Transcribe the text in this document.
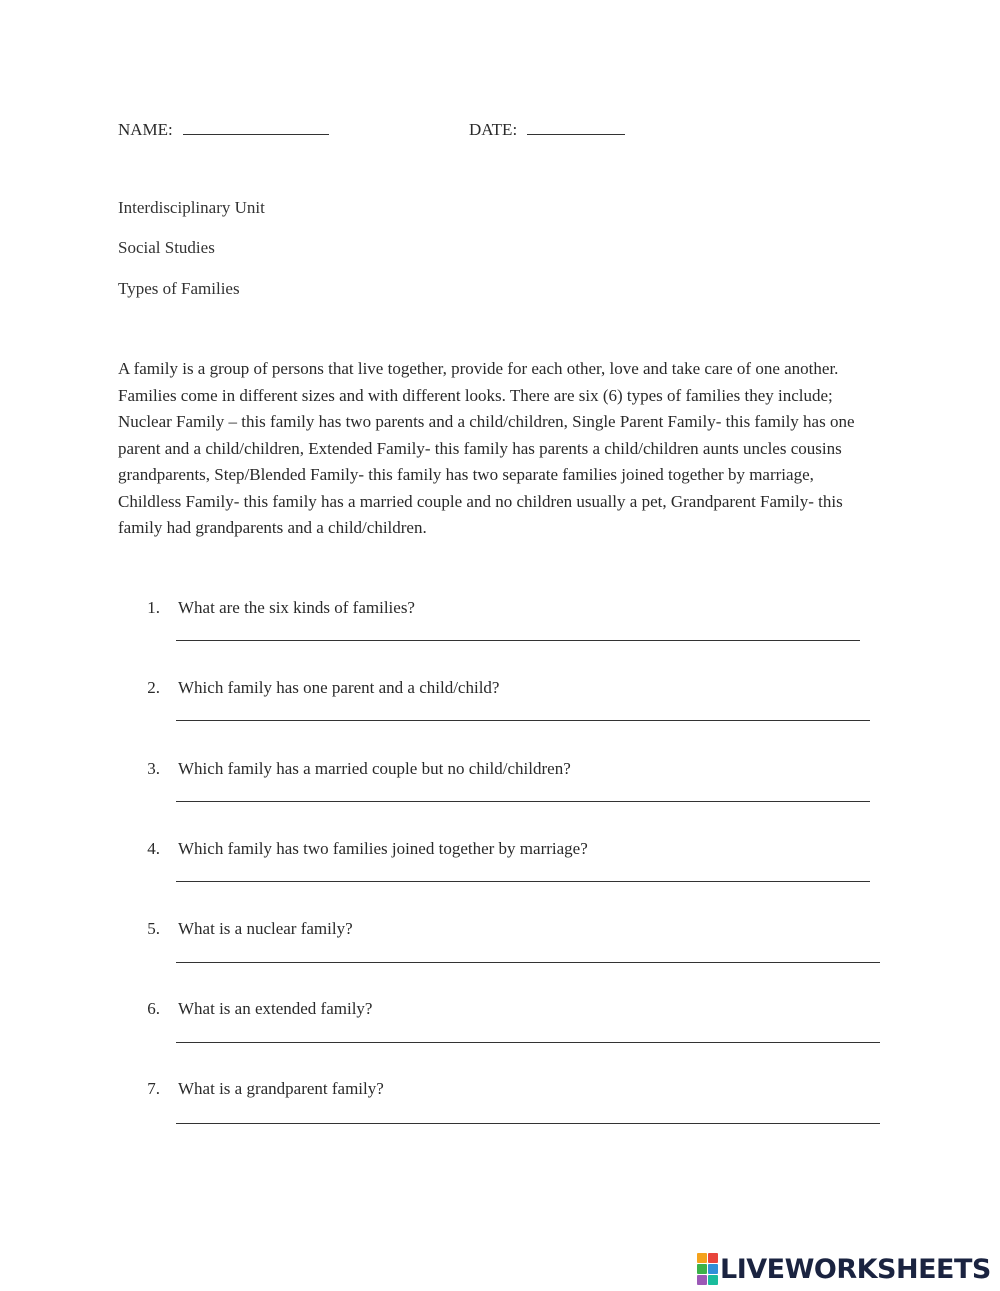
NAME:	DATE:
Interdisciplinary Unit
Social Studies
Types of Families
A family is a group of persons that live together, provide for each other, love and take care of one another. Families come in different sizes and with different looks. There are six (6) types of families they include; Nuclear Family – this family has two parents and a child/children, Single Parent Family- this family has one parent and a child/children, Extended Family- this family has parents a child/children aunts uncles cousins grandparents, Step/Blended Family- this family has two separate families joined together by marriage, Childless Family- this family has a married couple and no children usually a pet, Grandparent Family- this family had grandparents and a child/children.
1. What are the six kinds of families?
2. Which family has one parent and a child/child?
3. Which family has a married couple but no child/children?
4. Which family has two families joined together by marriage?
5. What is a nuclear family?
6. What is an extended family?
7. What is a grandparent family?
LIVEWORKSHEETS
